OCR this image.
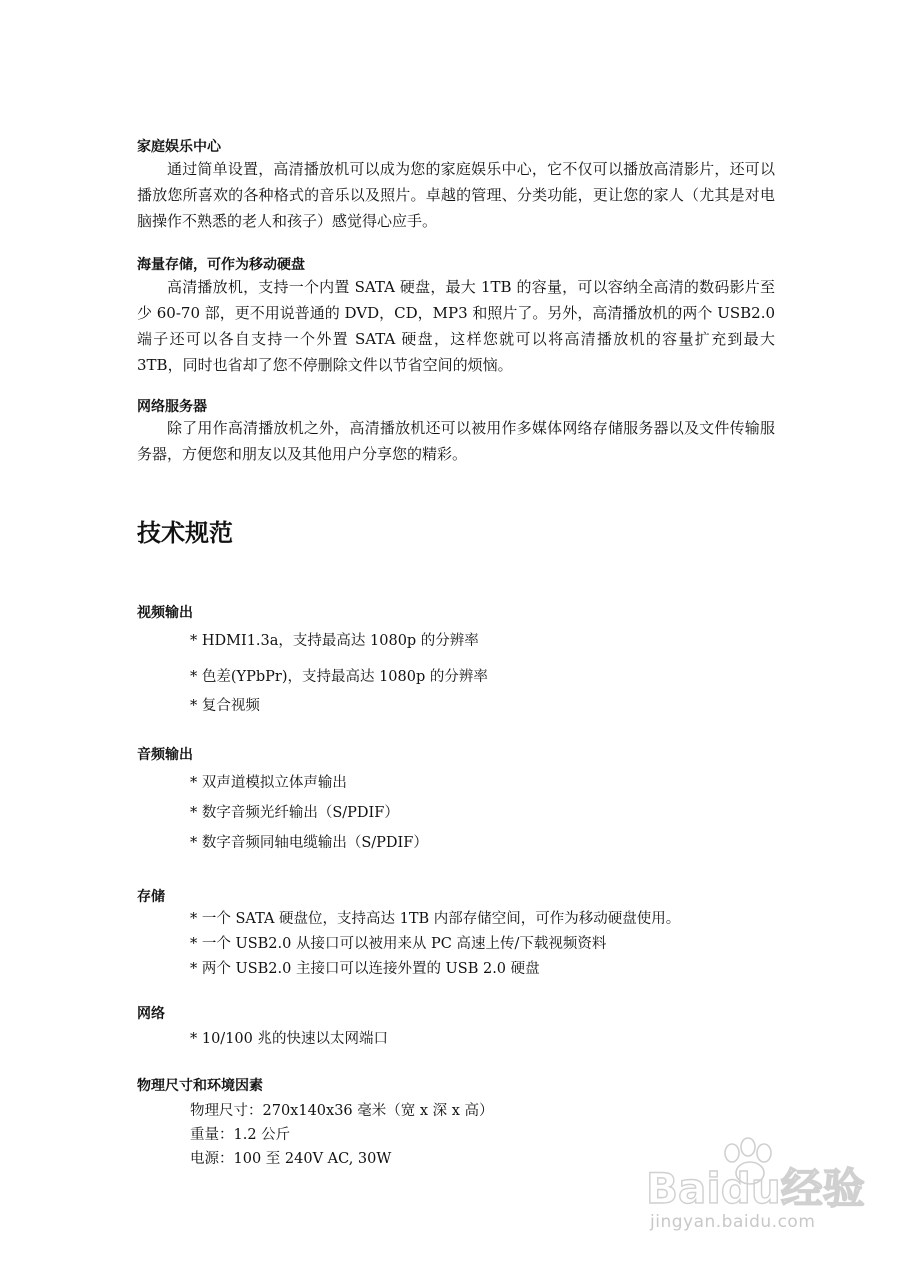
家庭娱乐中心

通过简单设置，高清播放机可以成为您的家庭娱乐中心，它不仅可以播放高清影片，还可以播放您所喜欢的各种格式的音乐以及照片。卓越的管理、分类功能，更让您的家人（尤其是对电脑操作不熟悉的老人和孩子）感觉得心应手。

海量存储，可作为移动硬盘

高清播放机，支持一个内置 SATA 硬盘，最大 1TB 的容量，可以容纳全高清的数码影片至少 60-70 部，更不用说普通的 DVD，CD，MP3 和照片了。另外，高清播放机的两个 USB2.0 端子还可以各自支持一个外置 SATA 硬盘，这样您就可以将高清播放机的容量扩充到最大 3TB，同时也省却了您不停删除文件以节省空间的烦恼。

网络服务器

除了用作高清播放机之外，高清播放机还可以被用作多媒体网络存储服务器以及文件传输服务器，方便您和朋友以及其他用户分享您的精彩。

技术规范
视频输出

* HDMI1.3a，支持最高达 1080p 的分辨率

* 色差(YPbPr)，支持最高达 1080p 的分辨率

* 复合视频

音频输出

* 双声道模拟立体声输出

* 数字音频光纤输出（S/PDIF）

* 数字音频同轴电缆输出（S/PDIF）

存储

* 一个 SATA 硬盘位，支持高达 1TB 内部存储空间，可作为移动硬盘使用。

* 一个 USB2.0 从接口可以被用来从 PC 高速上传/下载视频资料

* 两个 USB2.0 主接口可以连接外置的 USB 2.0 硬盘

网络

* 10/100 兆的快速以太网端口

物理尺寸和环境因素

物理尺寸：270x140x36 毫米（宽 x 深 x 高）

重量：1.2 公斤

电源：100 至 240V AC, 30W

Baidu经验
jingyan.baidu.com
